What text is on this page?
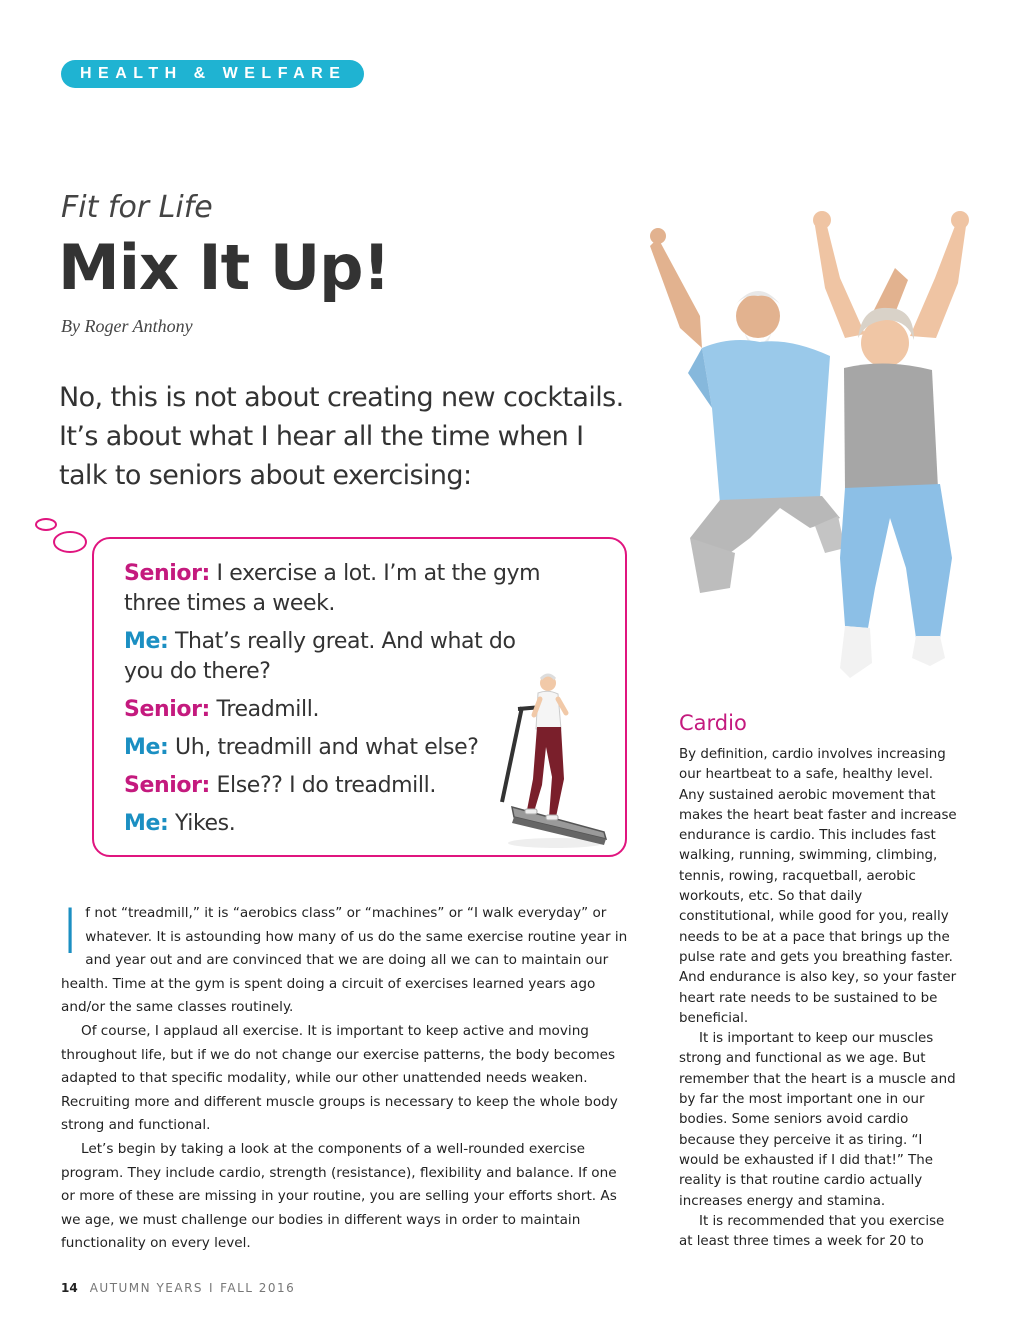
HEALTH & WELFARE
Fit for Life
Mix It Up!
By Roger Anthony
No, this is not about creating new cocktails. It’s about what I hear all the time when I talk to seniors about exercising:
Senior: I exercise a lot. I’m at the gym three times a week.
Me: That’s really great. And what do you do there?
Senior: Treadmill.
Me: Uh, treadmill and what else?
Senior: Else?? I do treadmill.
Me: Yikes.
I f not “treadmill,” it is “aerobics class” or “machines” or “I walk everyday” or whatever. It is astounding how many of us do the same exercise routine year in and year out and are convinced that we are doing all we can to maintain our health. Time at the gym is spent doing a circuit of exercises learned years ago and/or the same classes routinely.

Of course, I applaud all exercise. It is important to keep active and moving throughout life, but if we do not change our exercise patterns, the body becomes adapted to that specific modality, while our other unattended needs weaken. Recruiting more and different muscle groups is necessary to keep the whole body strong and functional.

Let’s begin by taking a look at the components of a well-rounded exercise program. They include cardio, strength (resistance), flexibility and balance. If one or more of these are missing in your routine, you are selling your efforts short. As we age, we must challenge our bodies in different ways in order to maintain functionality on every level.

Cardio

By definition, cardio involves increasing our heartbeat to a safe, healthy level. Any sustained aerobic movement that makes the heart beat faster and increase endurance is cardio. This includes fast walking, running, swimming, climbing, tennis, rowing, racquetball, aerobic workouts, etc. So that daily constitutional, while good for you, really needs to be at a pace that brings up the pulse rate and gets you breathing faster. And endurance is also key, so your faster heart rate needs to be sustained to be beneficial.

It is important to keep our muscles strong and functional as we age. But remember that the heart is a muscle and by far the most important one in our bodies. Some seniors avoid cardio because they perceive it as tiring. “I would be exhausted if I did that!” The reality is that routine cardio actually increases energy and stamina.

It is recommended that you exercise at least three times a week for 20 to

14 AUTUMN YEARS I FALL 2016
